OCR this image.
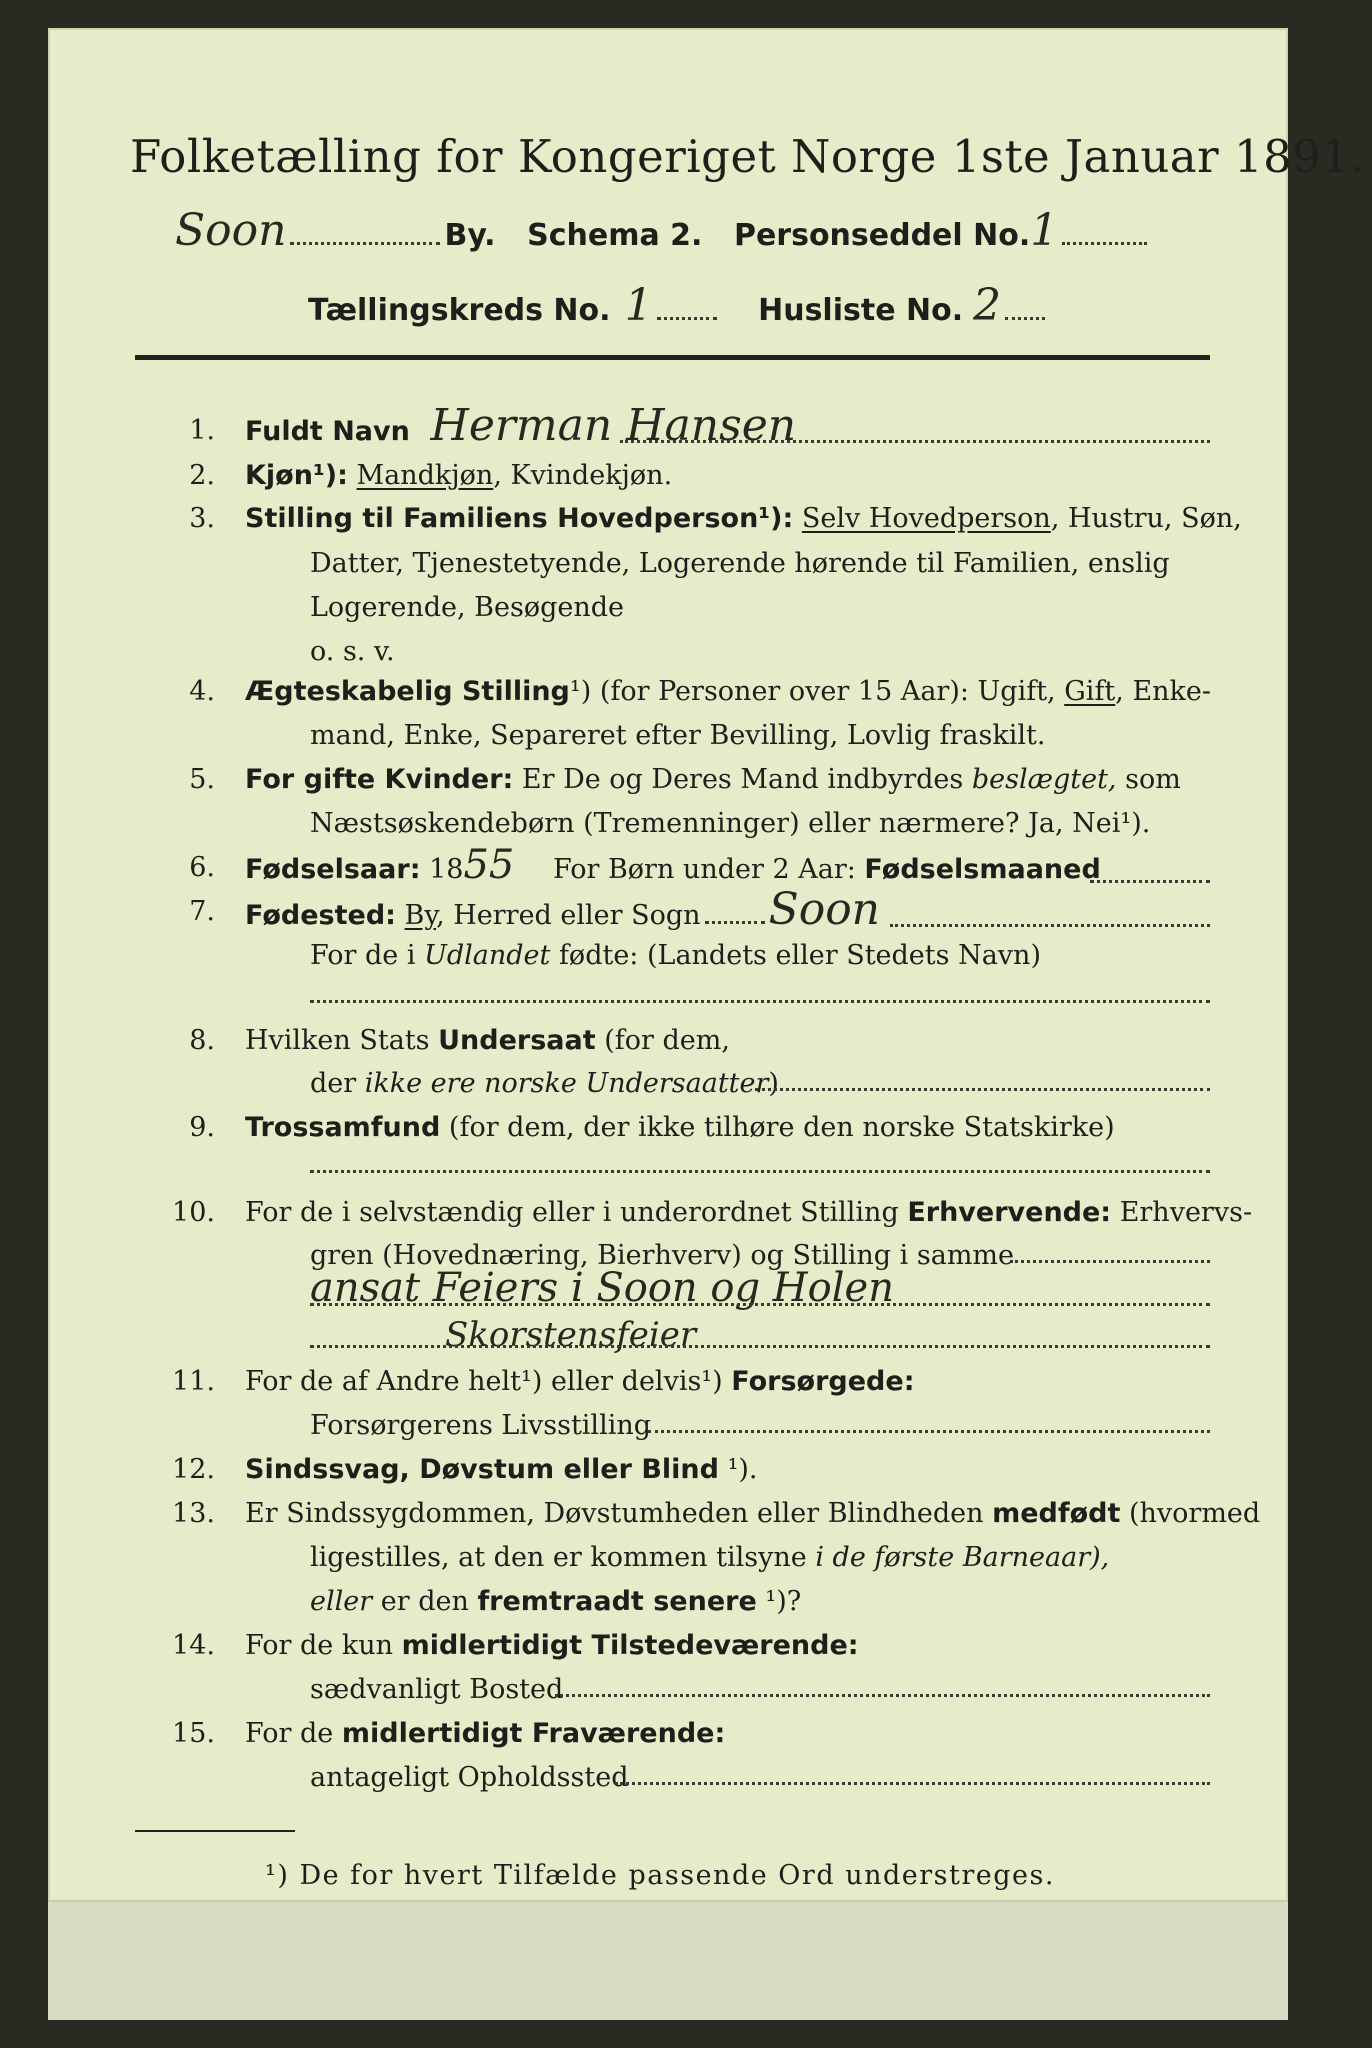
Folketælling for Kongeriget Norge 1ste Januar 1891.
Soon	By. Schema 2. Personseddel No.1
Tællingskreds No. 1	Husliste No. 2
1. Fuldt Navn Herman Hansen
2. Kjøn¹): Mandkjøn, Kvindekjøn.
3. Stilling til Familiens Hovedperson¹): Selv Hovedperson, Hustru, Søn,
Datter, Tjenestetyende, Logerende hørende til Familien, enslig
Logerende, Besøgende
o. s. v.
4. Ægteskabelig Stilling¹) (for Personer over 15 Aar): Ugift, Gift, Enke-
mand, Enke, Separeret efter Bevilling, Lovlig fraskilt.
5. For gifte Kvinder: Er De og Deres Mand indbyrdes beslægtet, som
Næstsøskendebørn (Tremenninger) eller nærmere? Ja, Nei¹).
6. Fødselsaar: 1855 For Børn under 2 Aar: Fødselsmaaned
7. Fødested: By, Herred eller Sogn Soon
For de i Udlandet fødte: (Landets eller Stedets Navn)
8. Hvilken Stats Undersaat (for dem,
der ikke ere norske Undersaatter)
9. Trossamfund (for dem, der ikke tilhøre den norske Statskirke)
10. For de i selvstændig eller i underordnet Stilling Erhvervende: Erhvervs-
gren (Hovednæring, Bierhverv) og Stilling i samme
ansat Feiers i Soon og Holen
Skorstensfeier
11. For de af Andre helt¹) eller delvis¹) Forsørgede:
Forsørgerens Livsstilling
12. Sindssvag, Døvstum eller Blind ¹).
13. Er Sindssygdommen, Døvstumheden eller Blindheden medfødt (hvormed
ligestilles, at den er kommen tilsyne i de første Barneaar),
eller er den fremtraadt senere ¹)?
14. For de kun midlertidigt Tilstedeværende:
sædvanligt Bosted
15. For de midlertidigt Fraværende:
antageligt Opholdssted
¹) De for hvert Tilfælde passende Ord understreges.
